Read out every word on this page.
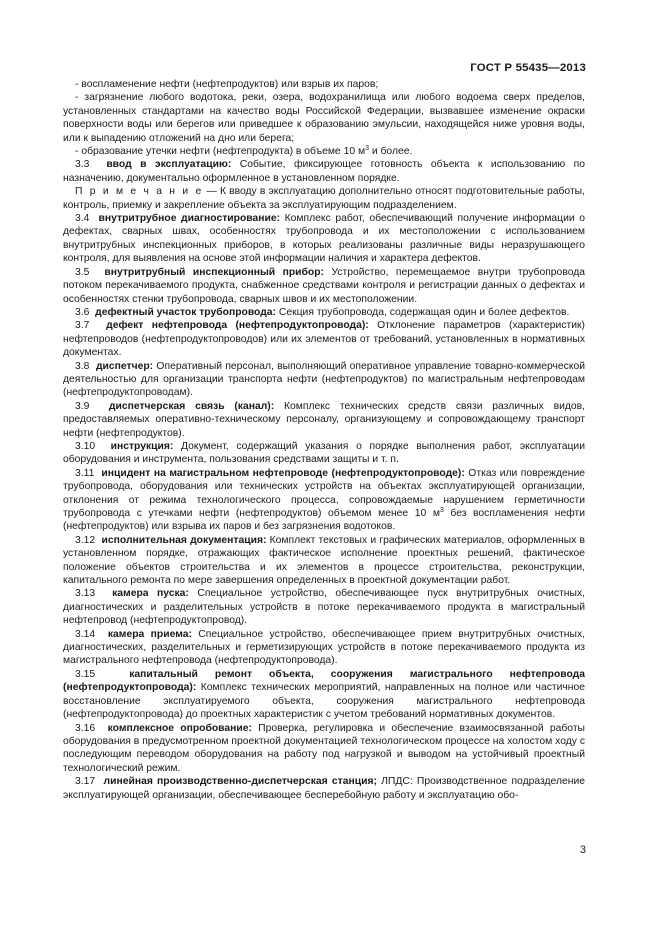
ГОСТ Р 55435—2013

- воспламенение нефти (нефтепродуктов) или взрыв их паров;

- загрязнение любого водотока, реки, озера, водохранилища или любого водоема сверх пределов, установленных стандартами на качество воды Российской Федерации, вызвавшее изменение окраски поверхности воды или берегов или приведшее к образованию эмульсии, находящейся ниже уровня воды, или к выпадению отложений на дно или берега;

- образование утечки нефти (нефтепродукта) в объеме 10 $м^3$ и более.

3.3 ввод в эксплуатацию: Событие, фиксирующее готовность объекта к использованию по назначению, документально оформленное в установленном порядке.

П р и м е ч а н и е — К вводу в эксплуатацию дополнительно относят подготовительные работы, контроль, приемку и закрепление объекта за эксплуатирующим подразделением.

3.4 внутритрубное диагностирование: Комплекс работ, обеспечивающий получение информации о дефектах, сварных швах, особенностях трубопровода и их местоположении с использованием внутритрубных инспекционных приборов, в которых реализованы различные виды неразрушающего контроля, для выявления на основе этой информации наличия и характера дефектов.

3.5 внутритрубный инспекционный прибор: Устройство, перемещаемое внутри трубопровода потоком перекачиваемого продукта, снабженное средствами контроля и регистрации данных о дефектах и особенностях стенки трубопровода, сварных швов и их местоположении.

3.6 дефектный участок трубопровода: Секция трубопровода, содержащая один и более дефектов.

3.7 дефект нефтепровода (нефтепродуктопровода): Отклонение параметров (характеристик) нефтепроводов (нефтепродуктопроводов) или их элементов от требований, установленных в нормативных документах.

3.8 диспетчер: Оперативный персонал, выполняющий оперативное управление товарно-коммерческой деятельностью для организации транспорта нефти (нефтепродуктов) по магистральным нефтепроводам (нефтепродуктопроводам).

3.9 диспетчерская связь (канал): Комплекс технических средств связи различных видов, предоставляемых оперативно-техническому персоналу, организующему и сопровождающему транспорт нефти (нефтепродуктов).

3.10 инструкция: Документ, содержащий указания о порядке выполнения работ, эксплуатации оборудования и инструмента, пользования средствами защиты и т. п.

3.11 инцидент на магистральном нефтепроводе (нефтепродуктопроводе): Отказ или повреждение трубопровода, оборудования или технических устройств на объектах эксплуатирующей организации, отклонения от режима технологического процесса, сопровождаемые нарушением герметичности трубопровода с утечками нефти (нефтепродуктов) объемом менее 10 $м^3$ без воспламенения нефти (нефтепродуктов) или взрыва их паров и без загрязнения водотоков.

3.12 исполнительная документация: Комплект текстовых и графических материалов, оформленных в установленном порядке, отражающих фактическое исполнение проектных решений, фактическое положение объектов строительства и их элементов в процессе строительства, реконструкции, капитального ремонта по мере завершения определенных в проектной документации работ.

3.13 камера пуска: Специальное устройство, обеспечивающее пуск внутритрубных очистных, диагностических и разделительных устройств в потоке перекачиваемого продукта в магистральный нефтепровод (нефтепродуктопровод).

3.14 камера приема: Специальное устройство, обеспечивающее прием внутритрубных очистных, диагностических, разделительных и герметизирующих устройств в потоке перекачиваемого продукта из магистрального нефтепровода (нефтепродуктопровода).

3.15	капитальный ремонт объекта, сооружения магистрального нефтепровода (нефтепродуктопровода): Комплекс технических мероприятий, направленных на полное или частичное восстановление эксплуатируемого объекта, сооружения магистрального нефтепровода (нефтепродуктопровода) до проектных характеристик с учетом требований нормативных документов.

3.16 комплексное опробование: Проверка, регулировка и обеспечение взаимосвязанной работы оборудования в предусмотренном проектной документацией технологическом процессе на холостом ходу с последующим переводом оборудования на работу под нагрузкой и выводом на устойчивый проектный технологический режим.

3.17 линейная производственно-диспетчерская станция; ЛПДС: Производственное подразделение эксплуатирующей организации, обеспечивающее бесперебойную работу и эксплуатацию обо-

3
